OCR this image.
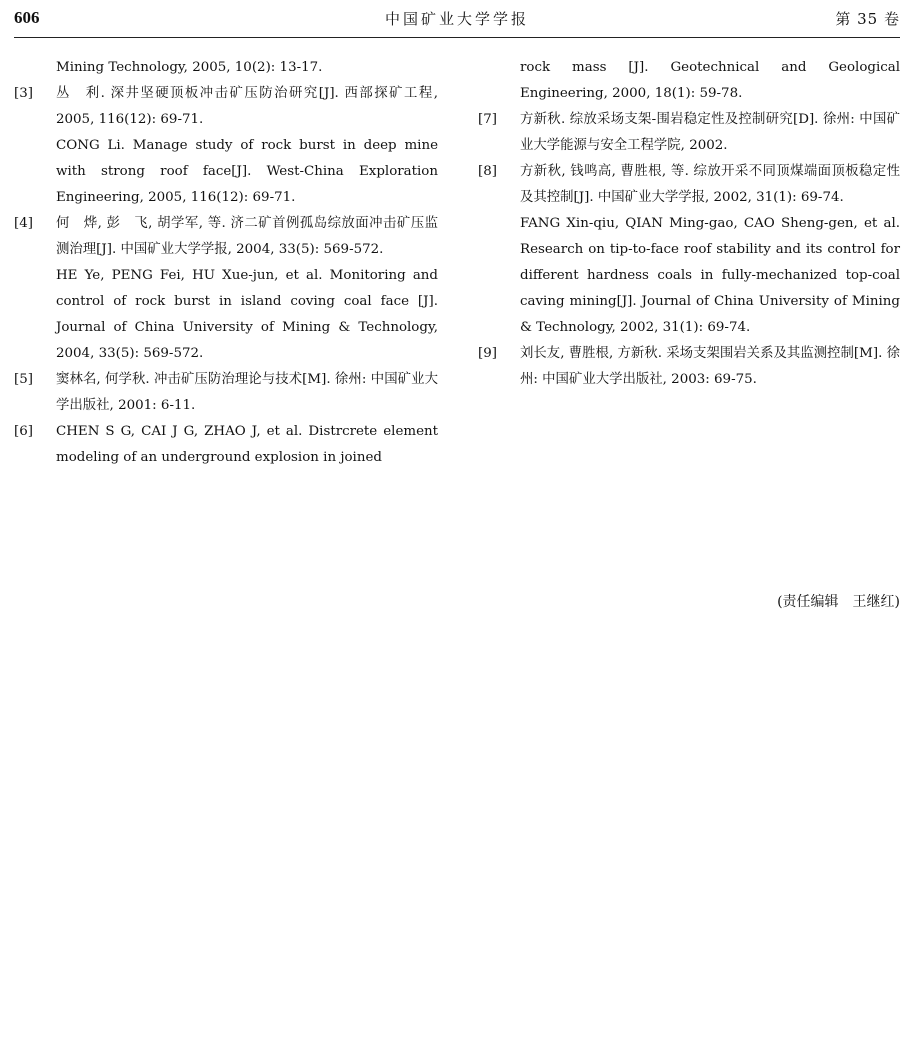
606	中国矿业大学学报	第 35 卷

Mining Technology, 2005, 10(2): 13-17.

[3] 丛　利. 深井坚硬顶板冲击矿压防治研究[J]. 西部探矿工程, 2005, 116(12): 69-71.

CONG Li. Manage study of rock burst in deep mine with strong roof face[J]. West-China Exploration Engineering, 2005, 116(12): 69-71.

[4] 何　烨, 彭　飞, 胡学军, 等. 济二矿首例孤岛综放面冲击矿压监测治理[J]. 中国矿业大学学报, 2004, 33(5): 569-572.

HE Ye, PENG Fei, HU Xue-jun, et al. Monitoring and control of rock burst in island coving coal face [J]. Journal of China University of Mining & Technology, 2004, 33(5): 569-572.

[5] 窦林名, 何学秋. 冲击矿压防治理论与技术[M]. 徐州: 中国矿业大学出版社, 2001: 6-11.

[6] CHEN S G, CAI J G, ZHAO J, et al. Distrcrete element modeling of an underground explosion in joined

rock mass [J]. Geotechnical and Geological Engineering, 2000, 18(1): 59-78.

[7] 方新秋. 综放采场支架-围岩稳定性及控制研究[D]. 徐州: 中国矿业大学能源与安全工程学院, 2002.

[8] 方新秋, 钱鸣高, 曹胜根, 等. 综放开采不同顶煤端面顶板稳定性及其控制[J]. 中国矿业大学学报, 2002, 31(1): 69-74.

FANG Xin-qiu, QIAN Ming-gao, CAO Sheng-gen, et al. Research on tip-to-face roof stability and its control for different hardness coals in fully-mechanized top-coal caving mining[J]. Journal of China University of Mining & Technology, 2002, 31(1): 69-74.

[9] 刘长友, 曹胜根, 方新秋. 采场支架围岩关系及其监测控制[M]. 徐州: 中国矿业大学出版社, 2003: 69-75.

(责任编辑　王继红)
